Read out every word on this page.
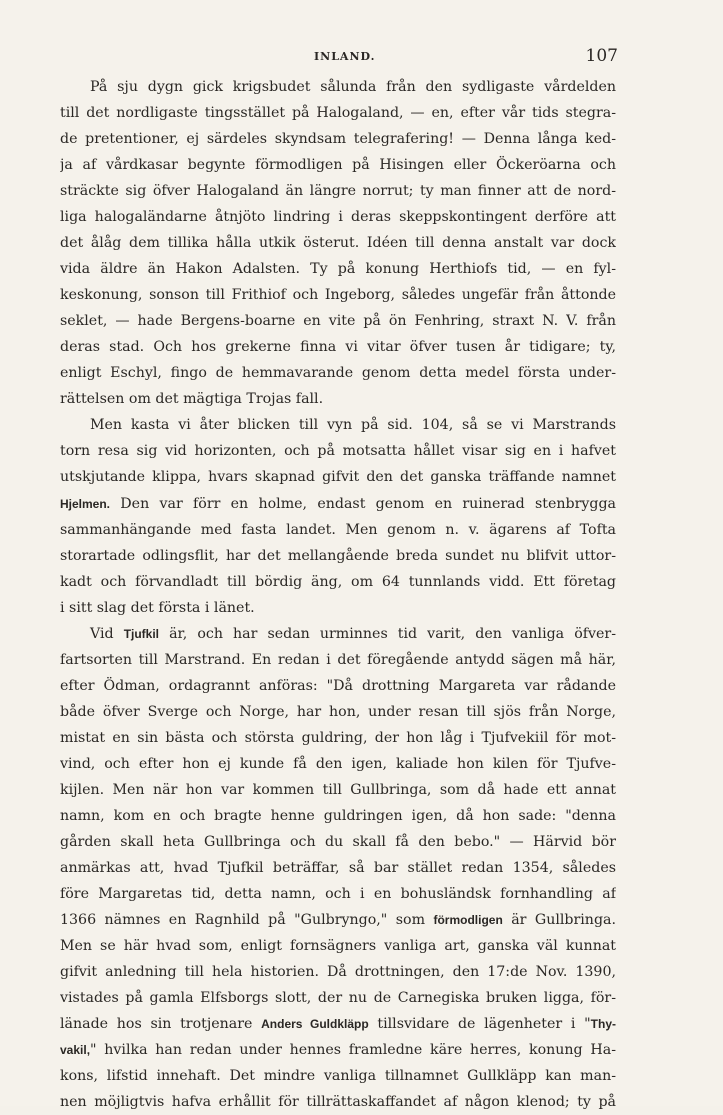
INLAND.	107
På sju dygn gick krigsbudet sålunda från den sydligaste vårdelden
till det nordligaste tingsstället på Halogaland, — en, efter vår tids stegra-
de pretentioner, ej särdeles skyndsam telegrafering! — Denna långa ked-
ja af vårdkasar begynte förmodligen på Hisingen eller Öckeröarna och
sträckte sig öfver Halogaland än längre norrut; ty man finner att de nord-
liga halogaländarne åtnjöto lindring i deras skeppskontingent derföre att
det ålåg dem tillika hålla utkik österut. Idéen till denna anstalt var dock
vida äldre än Hakon Adalsten. Ty på konung Herthiofs tid, — en fyl-
keskonung, sonson till Frithiof och Ingeborg, således ungefär från åttonde
seklet, — hade Bergens-boarne en vite på ön Fenhring, straxt N. V. från
deras stad. Och hos grekerne finna vi vitar öfver tusen år tidigare; ty,
enligt Eschyl, fingo de hemmavarande genom detta medel första under-
rättelsen om det mägtiga Trojas fall.
Men kasta vi åter blicken till vyn på sid. 104, så se vi Marstrands
torn resa sig vid horizonten, och på motsatta hållet visar sig en i hafvet
utskjutande klippa, hvars skapnad gifvit den det ganska träffande namnet
Hjelmen. Den var förr en holme, endast genom en ruinerad stenbrygga
sammanhängande med fasta landet. Men genom n. v. ägarens af Tofta
storartade odlingsflit, har det mellangående breda sundet nu blifvit uttor-
kadt och förvandladt till bördig äng, om 64 tunnlands vidd. Ett företag
i sitt slag det första i länet.
Vid Tjufkil är, och har sedan urminnes tid varit, den vanliga öfver-
fartsorten till Marstrand. En redan i det föregående antydd sägen må här,
efter Ödman, ordagrannt anföras: "Då drottning Margareta var rådande
både öfver Sverge och Norge, har hon, under resan till sjös från Norge,
mistat en sin bästa och största guldring, der hon låg i Tjufvekiil för mot-
vind, och efter hon ej kunde få den igen, kaliade hon kilen för Tjufve-
kijlen. Men när hon var kommen till Gullbringa, som då hade ett annat
namn, kom en och bragte henne guldringen igen, då hon sade: "denna
gården skall heta Gullbringa och du skall få den bebo." — Härvid bör
anmärkas att, hvad Tjufkil beträffar, så bar stället redan 1354, således
före Margaretas tid, detta namn, och i en bohusländsk fornhandling af
1366 nämnes en Ragnhild på "Gulbryngo," som förmodligen är Gullbringa.
Men se här hvad som, enligt fornsägners vanliga art, ganska väl kunnat
gifvit anledning till hela historien. Då drottningen, den 17:de Nov. 1390,
vistades på gamla Elfsborgs slott, der nu de Carnegiska bruken ligga, för-
länade hos sin trotjenare Anders Guldkläpp tillsvidare de lägenheter i "Thy-
vakil," hvilka han redan under hennes framledne käre herres, konung Ha-
kons, lifstid innehaft. Det mindre vanliga tillnamnet Gullkläpp kan man-
nen möjligtvis hafva erhållit för tillrättaskaffandet af någon klenod; ty på
